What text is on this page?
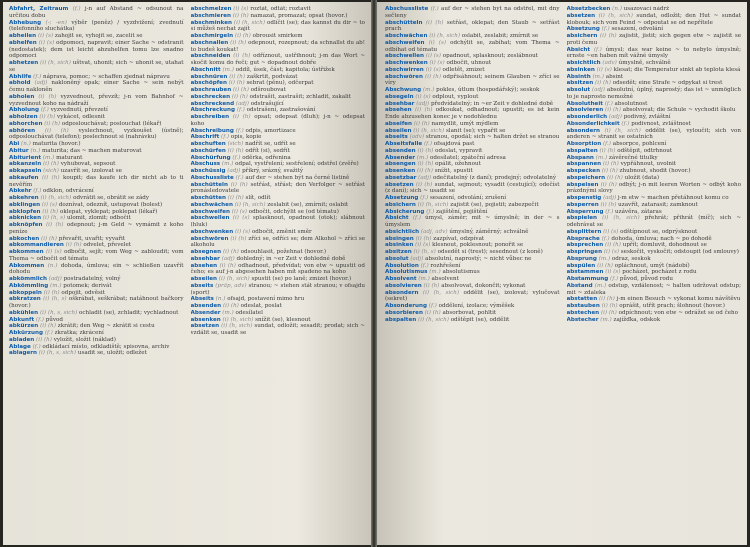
Abfahrt, Zeitraum (f.) j-n auf Abstand ~ odsunout na určitou dobu

Abhebung (-; -en) výběr (peněz) / vyzdvižení; zvednutí (telefonního sluchátka)

abheilen (i) (s) zahojit se, vyhojit se, zacelit se

abhelfen (i) (s) odpomoci, napravit; einer Sache ~ odstranit (nedostatek); dem ist leicht abzuhelfen tomu lze snadno odpomoci

abhetzen (i) (h, sich) uštvat, uhonit; sich ~ uhonit se, utahat se

Abhilfe (f.) náprava, pomoc; ~ schaffen zjednat nápravu

abhold (adj) nakloněný opak; einer Sache ~ sein nebýt čemu nakloněn

abholen (i) (h) vyzvednout, převzít; j-n vom Bahnhof ~ vyzvednout koho na nádraží

Abholung (f.) vyzvednutí, převzetí

abholzen (i) (h) vykácet, odlesnit

abhorchen (i) (h) odposlouchávat; poslouchat (lékař)

abhören (i) (h) vyslechnout, vyzkoušet (ústně); odposlouchávat (telefon); poslechnout si (nahrávku)

Abi (n.) maturita (hovor.)

Abitur (n.) maturita; das ~ machen maturovat

Abiturient (m.) maturant

abkanzeln (i) (h) vyhubovat, sepsout

abkapseln (sich) uzavřít se, izolovat se

abkaufen (i) (h) koupit; das kaufe ich dir nicht ab to ti nevěřím

Abkehr (f.) odklon, odvrácení

abkehren (i) (h, sich) odvrátit se, obrátit se zády

abklingen (i) (s) doznívat, odeznít, ustupovat (bolest)

abklopfen (i) (h) oklepat, vyklepat; poklepat (lékař)

abknicken (i) (h, s) ulomit, zlomit; odbočit

abknöpfen (i) (h) odepnout; j-m Geld ~ vymámit z koho peníze

abkochen (i) (h) převařit, uvařit; vyvařit

abkommandieren (i) (h) odvelet, převelet

abkommen (i) (s) odbočit, sejít; vom Weg ~ zabloudit; vom Thema ~ odbočit od tématu

Abkommen (n.) dohoda, úmluva; ein ~ schließen uzavřít dohodu

abkömmlich (adj) postradatelný, volný

Abkömmling (m.) potomek; derivát

abkoppeln (i) (h) odpojit, odvěsit

abkratzen (i) (h, s) oškrábat, seškrábat; natáhnout bačkory (hovor.)

abkühlen (i) (h, s, sich) ochladit (se), zchladit; vychladnout

Abkunft (f.) původ

abkürzen (i) (h) zkrátit; den Weg ~ zkrátit si cestu

Abkürzung (f.) zkratka; zkrácení

abladen (i) (h) vyložit, složit (náklad)

Ablage (f.) odkládací místo, odkladiště; spisovna, archiv

ablagern (i) (h, s, sich) usadit se, uložit; odležet

abschmelzen (i) (s) roztát, odtát; roztavit

abschmieren (i) (h) namazat, promazat; opsat (hovor.)

abschminken (i) (h, sich) odlíčit (se); das kannst du dir ~ to si můžeš nechat zajít

abschmirgeln (i) (h) obrousit smirkem

abschnallen (i) (h) odepnout, rozepnout; da schnallst du ab! to budeš koukat!

abschneiden (i) (h) odříznout, ustřihnout; j-m das Wort ~ skočit komu do řeči; gut ~ dopadnout dobře

Abschnitt (m.) oddíl, úsek, část; kapitola; ústřižek

abschnüren (i) (h) zaškrtit, podvázat

abschöpfen (i) (h) sebrat (pěnu), odčerpat

abschrauben (i) (h) odšroubovat

abschrecken (i) (h) odstrašit, zastrašit; zchladit, zakalit

abschreckend (adj) odstrašující

Abschreckung (f.) odstrašení, zastrašování

abschreiben (i) (h) opsat; odepsat (dluh); j-n ~ odepsat koho

Abschreibung (f.) odpis, amortizace

Abschrift (f.) opis, kopie

abschuften (sich) nadřít se, udřít se

abschürfen (i) (h) odřít (si), sedřít

Abschürfung (f.) oděrka, odřenina

Abschuss (m.) odpal, vystřelení; sestřelení; odstřel (zvěře)

abschüssig (adj) příkrý, srázný, svažitý

Abschussliste (f.) auf der ~ stehen být na černé listině

abschütteln (i) (h) setřást, střást; den Verfolger ~ setřást pronásledovatele

abschütten (i) (h) slít, odlít

abschwächen (i) (h, sich) zeslabit (se), zmírnit; oslabit

abschweifen (i) (s) odbočit, odchýlit se (od tématu)

abschwellen (i) (s) splasknout, opadnout (otok); slábnout (hluk)

abschwenken (i) (s) odbočit, změnit směr

abschwören (i) (h) zříci se, odříci se; dem Alkohol ~ zříci se alkoholu

absegnen (i) (h) odsouhlasit, požehnat (hovor.)

absehbar (adj) dohledný; in ~er Zeit v dohledné době

absehen (i) (h) odhadnout, předvídat; von etw ~ upustit od čeho; es auf j-n abgesehen haben mít spadeno na koho

abseilen (i) (h, sich) spustit (se) po laně; zmizet (hovor.)

abseits (präp, adv) stranou; ~ stehen stát stranou; v ofsajdu (sport)

Abseits (n.) ofsajd, postavení mimo hru

absenden (i) (h) odeslat, poslat

Absender (m.) odesílatel

absenken (i) (h, sich) snížit (se), klesnout

absetzen (i) (h, sich) sundat, odložit; sesadit; prodat; sich ~ vzdálit se, usadit se

Abschussliste (f.) auf der ~ stehen být na odstřel, mít dny sečteny

abschütteln (i) (h) setřást, oklepat; den Staub ~ setřást prach

abschwächen (i) (h, sich) oslabit, zeslabit; zmírnit se

abschweifen (i) (s) odchýlit se, zabíhat; vom Thema ~ odbíhat od tématu

abschwellen (i) (s) opadnout, splasknout; zeslábnout

abschwenken (i) (s) odbočit, uhnout

abschwirren (i) (s) odletět, zmizet

abschwören (i) (h) odpřisáhnout; seinem Glauben ~ zříci se víry

Abschwung (m.) pokles, útlum (hospodářský); seskok

absegeln (i) (s) odplout, vyplout

absehbar (adj) předvídatelný; in ~er Zeit v dohledné době

absehen (i) (h) odkoukat, odhadnout; upustit; es ist kein Ende abzusehen konec je v nedohlednu

abseifen (i) (h) namydlit, umýt mýdlem

abseilen (i) (h, sich) slanit (se); vypařit se

abseits (adv) stranou, opodál; sich ~ halten držet se stranou

Abseitsfalle (f.) ofsajdová past

absenden (i) (h) odeslat, vypravit

Absender (m.) odesílatel; zpáteční adresa

absengen (i) (h) opálit, ožehnout

absenken (i) (h) snížit, spustit

absetzbar (adj) odečitatelný (z daní); prodejný; odvolatelný

absetzen (i) (h) sundat, sejmout; vysadit (cestující); odečíst (z daní); sich ~ usadit se

Absetzung (f.) sesazení, odvolání; zrušení

absichern (i) (h, sich) zajistit (se), pojistit; zabezpečit

Absicherung (f.) zajištění, pojištění

Absicht (f.) úmysl, záměr; mit ~ úmyslně; in der ~ s úmyslem

absichtlich (adj, adv) úmyslný, záměrný; schválně

absingen (i) (h) zazpívat, odzpívat

absinken (i) (s) klesnout, poklesnout; ponořit se

absitzen (i) (h, s) odsedět si (trest); sesednout (z koně)

absolut (adj) absolutní, naprostý; ~ nicht vůbec ne

Absolution (f.) rozhřešení

Absolutismus (m.) absolutismus

Absolvent (m.) absolvent

absolvieren (i) (h) absolvovat, dokončit; vykonat

absondern (i) (h, sich) oddělit (se), izolovat; vylučovat (sekret)

Absonderung (f.) oddělení, izolace; výměšek

absorbieren (i) (h) absorbovat, pohltit

abspalten (i) (h, sich) odštěpit (se), oddělit

Absetzbecken (n.) usazovací nádrž

absetzen (i) (h, sich) sundat, odložit; den Hut ~ sundat klobouk; sich vom Feind ~ odpoutat se od nepřítele

Absetzung (f.) sesazení, odvolání

absichern (i) (h) zajistit, jistit; sich gegen etw ~ zajistit se proti čemu

Absicht (f.) úmysl; das war keine ~ to nebylo úmyslně; ernste ~en haben mít vážné úmysly

absichtlich (adv) úmyslně, schválně

absinken (i) (s) klesat; die Temperatur sinkt ab teplota klesá

Absinth (m.) absint

absitzen (i) (h) odsedět; eine Strafe ~ odpykat si trest

absolut (adj) absolutní, úplný, naprostý; das ist ~ unmöglich to je naprosto nemožné

Absolutheit (f.) absolutnost

absolvieren (i) (h) absolvovat; die Schule ~ vychodit školu

absonderlich (adj) podivný, zvláštní

Absonderlichkeit (f.) podivnost, zvláštnost

absondern (i) (h, sich) oddělit (se), vyloučit; sich von anderen ~ stranit se ostatních

Absorption (f.) absorpce, pohlcení

abspalten (i) (h) odštěpit, odtrhnout

Abspann (m.) závěrečné titulky

abspannen (i) (h) vypřáhnout, uvolnit

abspecken (i) (h) zhubnout, shodit (hovor.)

abspeichern (i) (h) uložit (data)

abspeisen (i) (h) odbýt; j-n mit leeren Worten ~ odbýt koho prázdnými slovy

abspenstig (adj) j-m etw ~ machen přetáhnout komu co

absperren (i) (h) uzavřít, zatarasit; zamknout

Absperrung (f.) uzávěra, zátaras

abspielen (i) (h, sich) přehrát; přihrát (míč); sich ~ odehrávat se

absplittern (i) (s) odštípnout se, odprýsknout

Absprache (f.) dohoda, úmluva; nach ~ po dohodě

absprechen (i) (h) upřít; domluvit, dohodnout se

abspringen (i) (s) seskočit, vyskočit; odstoupit (od smlouvy)

Absprung (m.) odraz, seskok

abspülen (i) (h) opláchnout, umýt (nádobí)

abstammen (i) (s) pocházet, pocházet z rodu

Abstammung (f.) původ, původ rodu

Abstand (m.) odstup, vzdálenost; ~ halten udržovat odstup; mit ~ zdaleka

abstatten (i) (h) j-m einen Besuch ~ vykonat komu návštěvu

abstauben (i) (h) oprášit, utřít prach; šlohnout (hovor.)

abstechen (i) (h) odpíchnout; von etw ~ odrážet se od čeho

Abstecher (m.) zajížďka, odskok
